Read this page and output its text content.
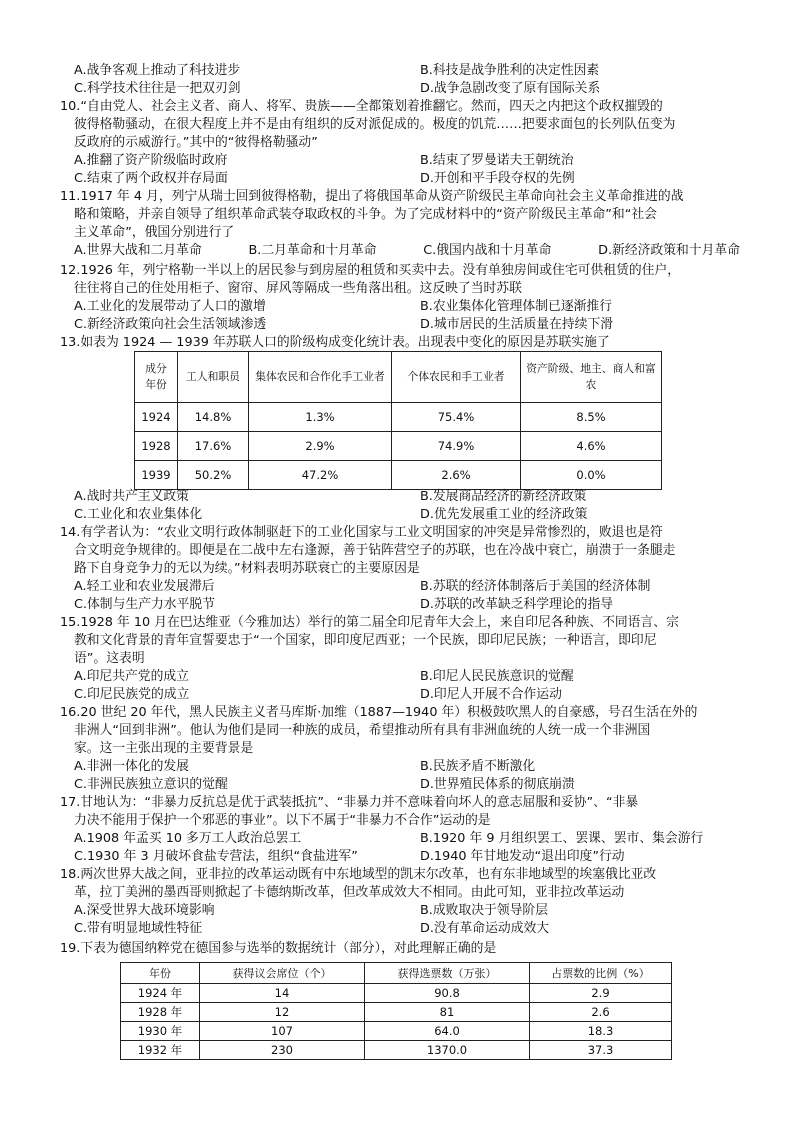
A.战争客观上推动了科技进步	B.科技是战争胜利的决定性因素
C.科学技术往往是一把双刃剑	D.战争急剧改变了原有国际关系
10.“自由党人、社会主义者、商人、将军、贵族——全都策划着推翻它。然而，四天之内把这个政权摧毁的
彼得格勒骚动，在很大程度上并不是由有组织的反对派促成的。极度的饥荒……把要求面包的长列队伍变为
反政府的示威游行。”其中的“彼得格勒骚动”
A.推翻了资产阶级临时政府	B.结束了罗曼诺夫王朝统治
C.结束了两个政权并存局面	D.开创和平手段夺权的先例
11.1917 年 4 月，列宁从瑞士回到彼得格勒，提出了将俄国革命从资产阶级民主革命向社会主义革命推进的战
略和策略，并亲自领导了组织革命武装夺取政权的斗争。为了完成材料中的“资产阶级民主革命”和“社会
主义革命”，俄国分别进行了
A.世界大战和二月革命	B.二月革命和十月革命	C.俄国内战和十月革命	D.新经济政策和十月革命
12.1926 年，列宁格勒一半以上的居民参与到房屋的租赁和买卖中去。没有单独房间或住宅可供租赁的住户，
往往将自己的住处用柜子、窗帘、屏风等隔成一些角落出租。这反映了当时苏联
A.工业化的发展带动了人口的激增	B.农业集体化管理体制已逐渐推行
C.新经济政策向社会生活领域渗透	D.城市居民的生活质量在持续下滑
13.如表为 1924 — 1939 年苏联人口的阶级构成变化统计表。出现表中变化的原因是苏联实施了
成分
年份	工人和职员	集体农民和合作化手工业者	个体农民和手工业者	资产阶级、地主、商人和富农
1924	14.8%	1.3%	75.4%	8.5%
1928	17.6%	2.9%	74.9%	4.6%
1939	50.2%	47.2%	2.6%	0.0%
A.战时共产主义政策	B.发展商品经济的新经济政策
C.工业化和农业集体化	D.优先发展重工业的经济政策
14.有学者认为：“农业文明行政体制驱赶下的工业化国家与工业文明国家的冲突是异常惨烈的，败退也是符
合文明竞争规律的。即便是在二战中左右逢源，善于钻阵营空子的苏联，也在冷战中衰亡，崩溃于一条腿走
路下自身竞争力的无以为续。”材料表明苏联衰亡的主要原因是
A.轻工业和农业发展滞后	B.苏联的经济体制落后于美国的经济体制
C.体制与生产力水平脱节	D.苏联的改革缺乏科学理论的指导
15.1928 年 10 月在巴达维亚（今雅加达）举行的第二届全印尼青年大会上，来自印尼各种族、不同语言、宗
教和文化背景的青年宣誓要忠于“一个国家，即印度尼西亚；一个民族，即印尼民族；一种语言，即印尼
语”。这表明
A.印尼共产党的成立	B.印尼人民民族意识的觉醒
C.印尼民族党的成立	D.印尼人开展不合作运动
16.20 世纪 20 年代，黑人民族主义者马库斯·加维（1887—1940 年）积极鼓吹黑人的自豪感，号召生活在外的
非洲人“回到非洲”。他认为他们是同一种族的成员，希望推动所有具有非洲血统的人统一成一个非洲国
家。这一主张出现的主要背景是
A.非洲一体化的发展	B.民族矛盾不断激化
C.非洲民族独立意识的觉醒	D.世界殖民体系的彻底崩溃
17.甘地认为：“非暴力反抗总是优于武装抵抗”、“非暴力并不意味着向坏人的意志屈服和妥协”、“非暴
力决不能用于保护一个邪恶的事业”。以下不属于“非暴力不合作”运动的是
A.1908 年孟买 10 多万工人政治总罢工	B.1920 年 9 月组织罢工、罢课、罢市、集会游行
C.1930 年 3 月破坏食盐专营法，组织“食盐进军”	D.1940 年甘地发动“退出印度”行动
18.两次世界大战之间，亚非拉的改革运动既有中东地域型的凯末尔改革，也有东非地域型的埃塞俄比亚改
革，拉丁美洲的墨西哥则掀起了卡德纳斯改革，但改革成效大不相同。由此可知，亚非拉改革运动
A.深受世界大战环境影响	B.成败取决于领导阶层
C.带有明显地域性特征	D.没有革命运动成效大
19.下表为德国纳粹党在德国参与选举的数据统计（部分），对此理解正确的是
年份	获得议会席位（个）	获得选票数（万张）	占票数的比例（%）
1924 年	14	90.8	2.9
1928 年	12	81	2.6
1930 年	107	64.0	18.3
1932 年	230	1370.0	37.3
